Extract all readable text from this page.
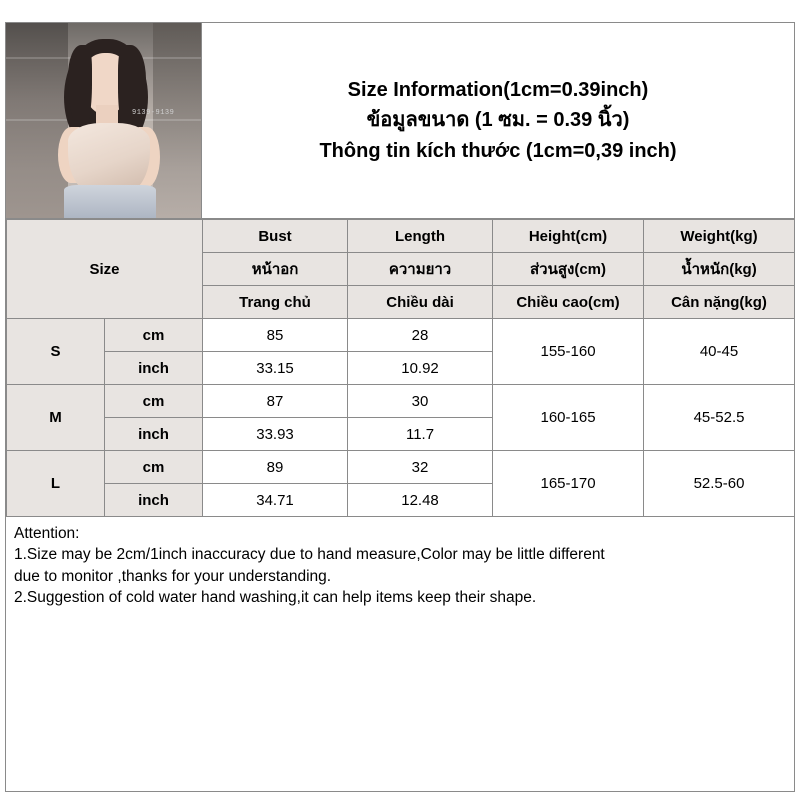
9139-9139
Size Information(1cm=0.39inch)
ข้อมูลขนาด (1 ซม. = 0.39 นิ้ว)
Thông tin kích thước (1cm=0,39 inch)
Size		Bust	Length	Height(cm)	Weight(kg)
		หน้าอก	ความยาว	ส่วนสูง(cm)	น้ำหนัก(kg)
		Trang chủ	Chiều dài	Chiều cao(cm)	Cân nặng(kg)
S	cm	85	28	155-160	40-45
	inch	33.15	10.92		
M	cm	87	30	160-165	45-52.5
	inch	33.93	11.7		
L	cm	89	32	165-170	52.5-60
	inch	34.71	12.48		
Attention:
1.Size may be 2cm/1inch inaccuracy due to hand measure,Color may be little different
due to monitor ,thanks for your understanding.
2.Suggestion of cold water hand washing,it can help items keep their shape.
